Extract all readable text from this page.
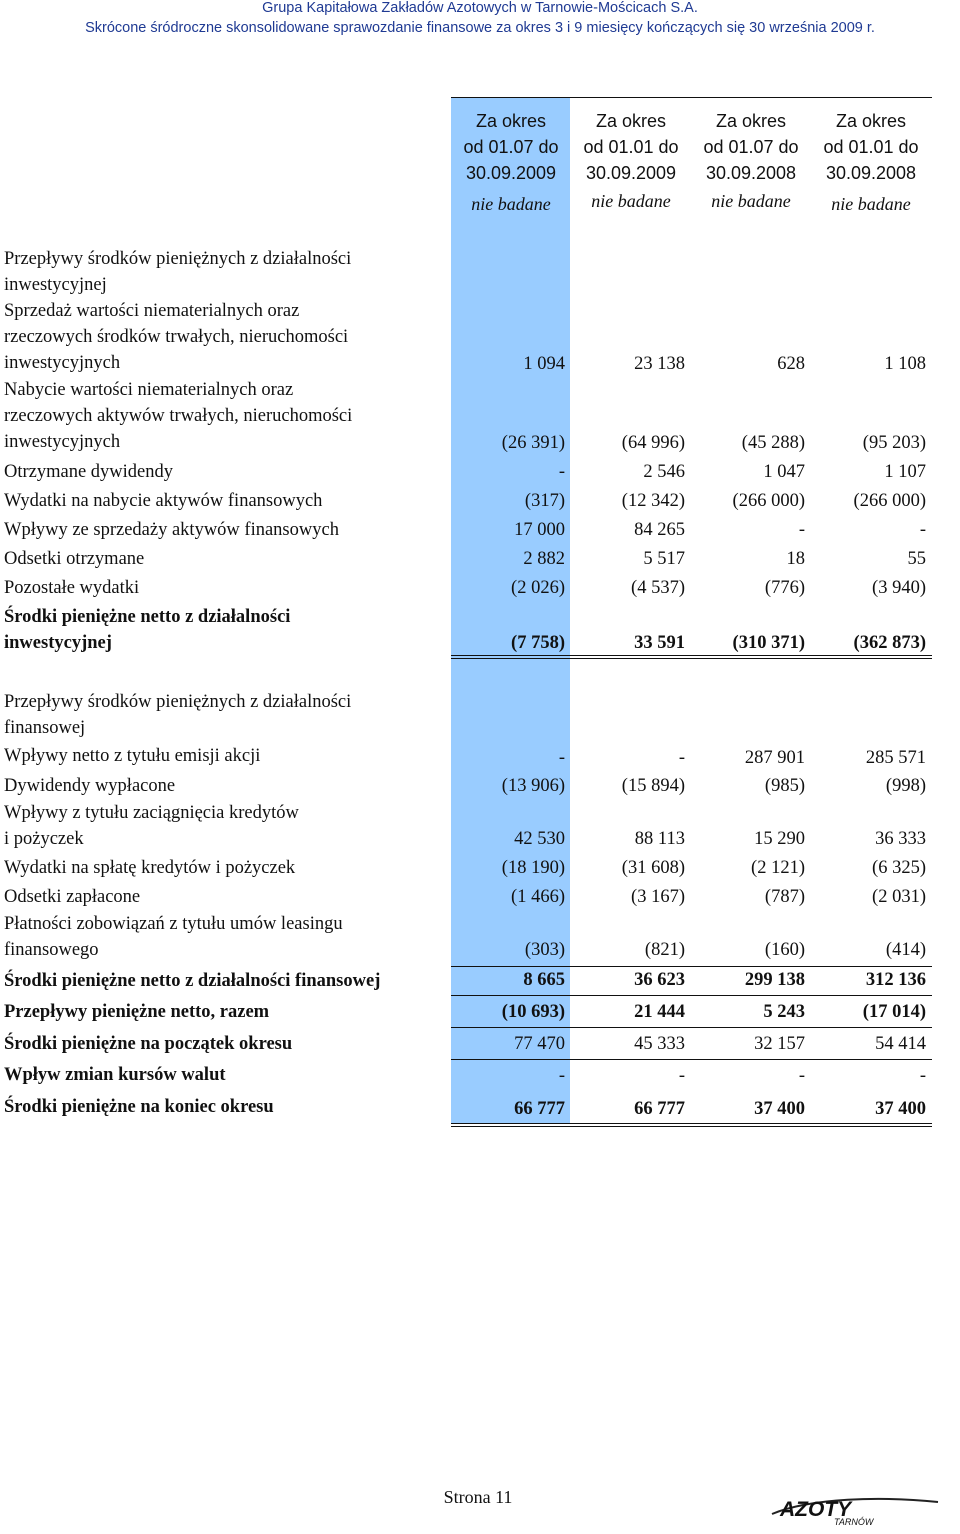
Grupa Kapitałowa Zakładów Azotowych w Tarnowie-Mościcach S.A.
Skrócone śródroczne skonsolidowane sprawozdanie finansowe za okres 3 i 9 miesięcy kończących się 30 września 2009 r.
Za okres
od 01.07 do
30.09.2009
nie badane
Za okres
od 01.01 do
30.09.2009
nie badane
Za okres
od 01.07 do
30.09.2008
nie badane
Za okres
od 01.01 do
30.09.2008
nie badane
Przepływy środków pieniężnych z działalności
inwestycyjnej
Sprzedaż wartości niematerialnych oraz
rzeczowych środków trwałych, nieruchomości
inwestycyjnych	1 094	23 138	628	1 108
Nabycie wartości niematerialnych oraz
rzeczowych aktywów trwałych, nieruchomości
inwestycyjnych	(26 391)	(64 996)	(45 288)	(95 203)
Otrzymane dywidendy	-	2 546	1 047	1 107
Wydatki na nabycie aktywów finansowych	(317)	(12 342)	(266 000)	(266 000)
Wpływy ze sprzedaży aktywów finansowych	17 000	84 265	-	-
Odsetki otrzymane	2 882	5 517	18	55
Pozostałe wydatki	(2 026)	(4 537)	(776)	(3 940)
Środki pieniężne netto z działalności
inwestycyjnej	(7 758)	33 591	(310 371)	(362 873)
Przepływy środków pieniężnych z działalności
finansowej
Wpływy netto z tytułu emisji akcji	-	-	287 901	285 571
Dywidendy wypłacone	(13 906)	(15 894)	(985)	(998)
Wpływy z tytułu zaciągnięcia kredytów
i pożyczek	42 530	88 113	15 290	36 333
Wydatki na spłatę kredytów i pożyczek	(18 190)	(31 608)	(2 121)	(6 325)
Odsetki zapłacone	(1 466)	(3 167)	(787)	(2 031)
Płatności zobowiązań z tytułu umów leasingu
finansowego	(303)	(821)	(160)	(414)
Środki pieniężne netto z działalności finansowej	8 665	36 623	299 138	312 136
Przepływy pieniężne netto, razem	(10 693)	21 444	5 243	(17 014)
Środki pieniężne na początek okresu	77 470	45 333	32 157	54 414
Wpływ zmian kursów walut	-	-	-	-
Środki pieniężne na koniec okresu	66 777	66 777	37 400	37 400
Strona 11
AZOTY
TARNÓW
